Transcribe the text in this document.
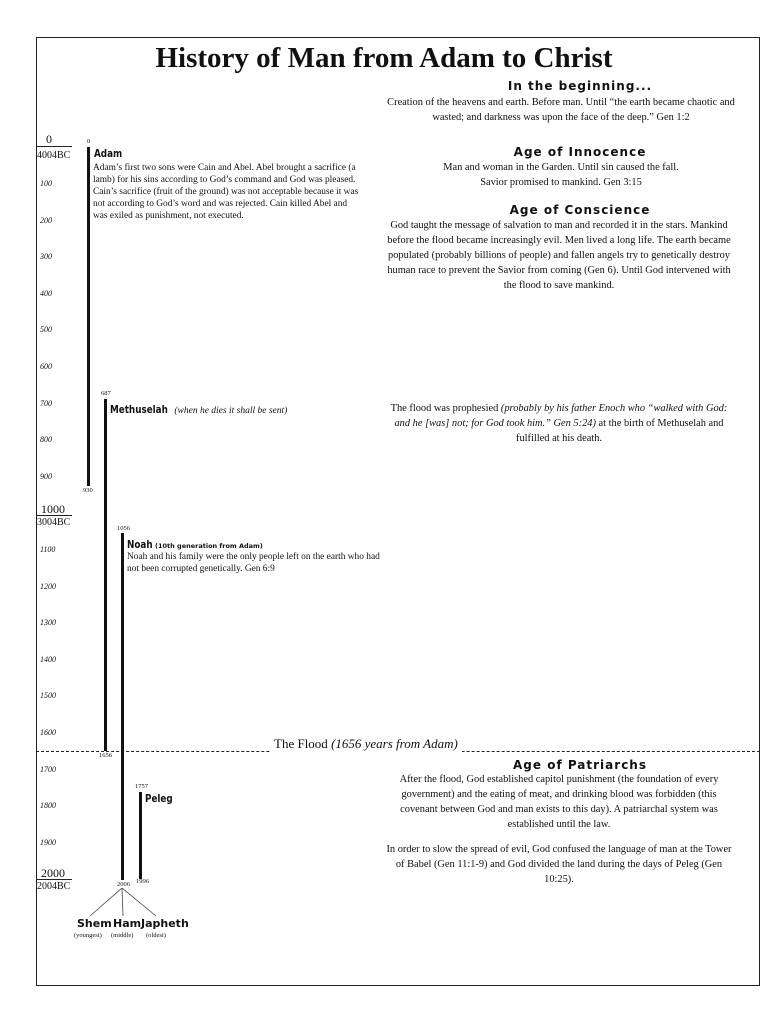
History of Man from Adam to Christ
In the beginning...
Creation of the heavens and earth. Before man. Until “the earth became chaotic and wasted; and darkness was upon the face of the deep.” Gen 1:2
Age of Innocence
Man and woman in the Garden. Until sin caused the fall.
Savior promised to mankind. Gen 3:15
Age of Conscience
God taught the message of salvation to man and recorded it in the stars. Mankind before the flood became increasingly evil. Men lived a long life. The earth became populated (probably billions of people) and fallen angels try to genetically destroy human race to prevent the Savior from coming (Gen 6). Until God intervened with the flood to save mankind.
The flood was prophesied (probably by his father Enoch who “walked with God: and he [was] not; for God took him.” Gen 5:24) at the birth of Methuselah and fulfilled at his death.
The Flood (1656 years from Adam)
Age of Patriarchs
After the flood, God established capitol punishment (the foundation of every government) and the eating of meat, and drinking blood was forbidden (this covenant between God and man exists to this day). A patriarchal system was established until the law.
In order to slow the spread of evil, God confused the language of man at the Tower of Babel (Gen 11:1-9) and God divided the land during the days of Peleg (Gen 10:25).
0
4004BC
100
200
300
400
500
600
700
800
900
1000
3004BC
1100
1200
1300
1400
1500
1600
1700
1800
1900
2000
2004BC
0
930
Adam
Adam’s first two sons were Cain and Abel. Abel brought a sacrifice (a lamb) for his sins according to God’s command and God was pleased. Cain’s sacrifice (fruit of the ground) was not acceptable because it was not according to God’s word and was rejected. Cain killed Abel and was exiled as punishment, not executed.
687
1656
Methuselah (when he dies it shall be sent)
1056
2006
Noah (10th generation from Adam)
Noah and his family were the only people left on the earth who had not been corrupted genetically. Gen 6:9
1757
1996
Peleg
Shem Ham Japheth
(youngest) (middle) (oldest)
